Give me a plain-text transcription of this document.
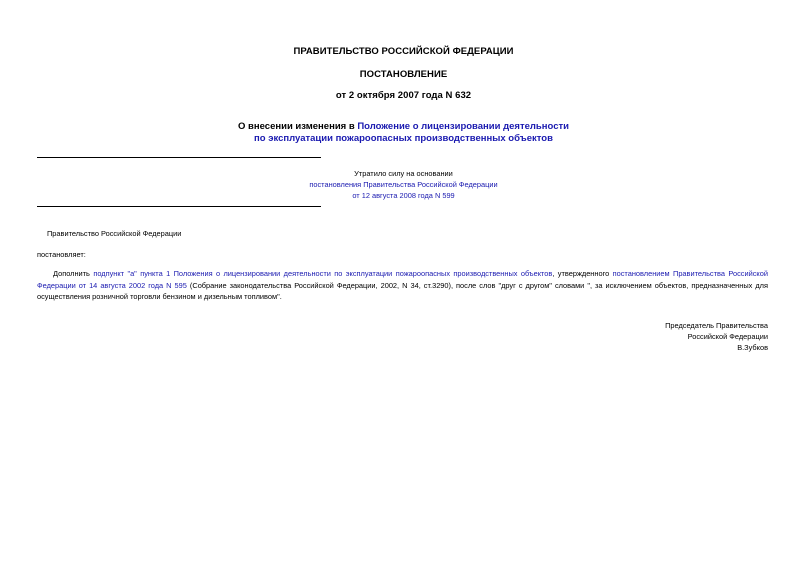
ПРАВИТЕЛЬСТВО РОССИЙСКОЙ ФЕДЕРАЦИИ
ПОСТАНОВЛЕНИЕ
от 2 октября 2007 года N 632
О внесении изменения в Положение о лицензировании деятельности
по эксплуатации пожароопасных производственных объектов
Утратило силу на основании
постановления Правительства Российской Федерации
от 12 августа 2008 года N 599
Правительство Российской Федерации
постановляет:
Дополнить подпункт "а" пункта 1 Положения о лицензировании деятельности по эксплуатации пожароопасных производственных объектов, утвержденного постановлением Правительства Российской Федерации от 14 августа 2002 года N 595 (Собрание законодательства Российской Федерации, 2002, N 34, ст.3290), после слов "друг с другом" словами ", за исключением объектов, предназначенных для осуществления розничной торговли бензином и дизельным топливом".
Председатель Правительства
Российской Федерации
В.Зубков
